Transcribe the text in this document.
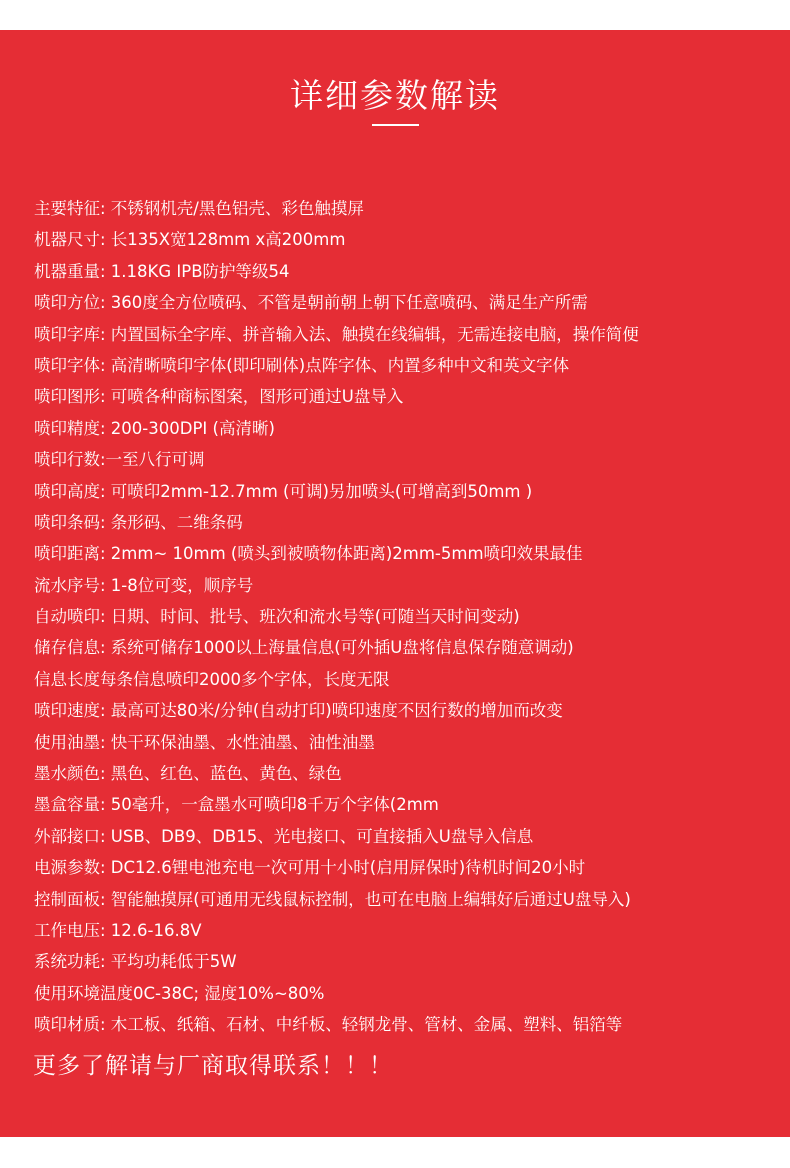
详细参数解读
主要特征: 不锈钢机壳/黑色铝壳、彩色触摸屏
机器尺寸: 长135X宽128mm x高200mm
机器重量: 1.18KG IPB防护等级54
喷印方位: 360度全方位喷码、不管是朝前朝上朝下任意喷码、满足生产所需
喷印字库: 内置国标全字库、拼音输入法、触摸在线编辑，无需连接电脑，操作简便
喷印字体: 高清晰喷印字体(即印刷体)点阵字体、内置多种中文和英文字体
喷印图形: 可喷各种商标图案，图形可通过U盘导入
喷印精度: 200-300DPI (高清晰)
喷印行数:一至八行可调
喷印高度: 可喷印2mm-12.7mm (可调)另加喷头(可增高到50mm )
喷印条码: 条形码、二维条码
喷印距离: 2mm~ 10mm (喷头到被喷物体距离)2mm-5mm喷印效果最佳
流水序号: 1-8位可变，顺序号
自动喷印: 日期、时间、批号、班次和流水号等(可随当天时间变动)
储存信息: 系统可储存1000以上海量信息(可外插U盘将信息保存随意调动)
信息长度每条信息喷印2000多个字体，长度无限
喷印速度: 最高可达80米/分钟(自动打印)喷印速度不因行数的增加而改变
使用油墨: 快干环保油墨、水性油墨、油性油墨
墨水颜色: 黑色、红色、蓝色、黄色、绿色
墨盒容量: 50毫升，一盒墨水可喷印8千万个字体(2mm
外部接口: USB、DB9、DB15、光电接口、可直接插入U盘导入信息
电源参数: DC12.6锂电池充电一次可用十小时(启用屏保时)待机时间20小时
控制面板: 智能触摸屏(可通用无线鼠标控制，也可在电脑上编辑好后通过U盘导入)
工作电压: 12.6-16.8V
系统功耗: 平均功耗低于5W
使用环境温度0C-38C; 湿度10%~80%
喷印材质: 木工板、纸箱、石材、中纤板、轻钢龙骨、管材、金属、塑料、铝箔等
更多了解请与厂商取得联系！！！
